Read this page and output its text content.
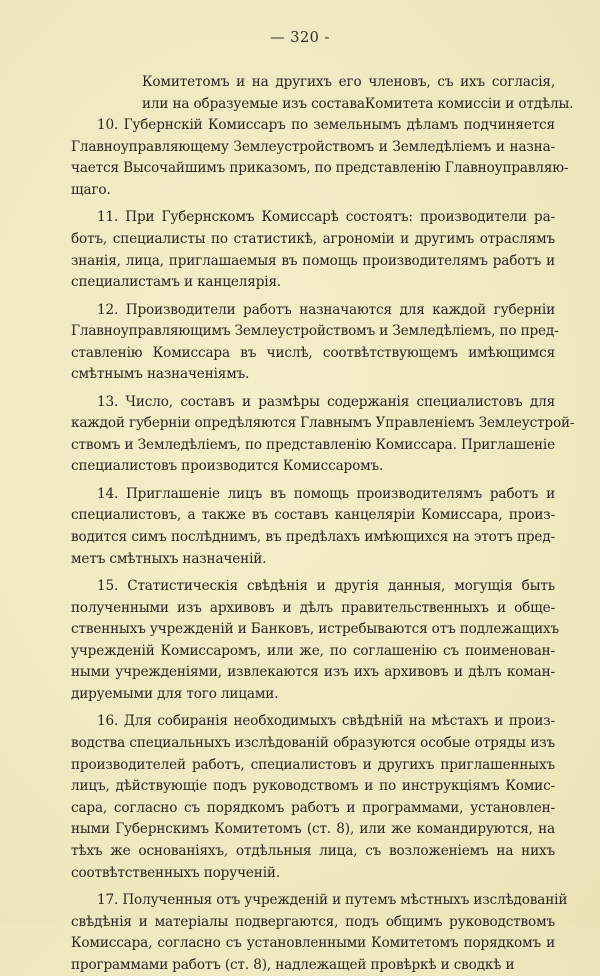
— 320 -
Комитетомъ и на другихъ его членовъ, съ ихъ согласія,
или на образуемые изъ составаКомитета комиссіи и отдѣлы.
10. Губернскій Комиссаръ по земельнымъ дѣламъ подчиняется
Главноуправляющему Землеустройствомъ и Земледѣліемъ и назна-
чается Высочайшимъ приказомъ, по представленію Главноуправляю-
щаго.
11. При Губернскомъ Комиссарѣ состоятъ: производители ра-
ботъ, специалисты по статистикѣ, агрономіи и другимъ отраслямъ
знанія, лица, приглашаемыя въ помощь производителямъ работъ и
специалистамъ и канцелярія.
12. Производители работъ назначаются для каждой губерніи
Главноуправляющимъ Землеустройствомъ и Земледѣліемъ, по пред-
ставленію Комиссара въ числѣ, соотвѣтствующемъ имѣющимся
смѣтнымъ назначеніямъ.
13. Число, составъ и размѣры содержанія специалистовъ для
каждой губерніи опредѣляются Главнымъ Управленіемъ Землеустрой-
ствомъ и Земледѣліемъ, по представленію Комиссара. Приглашеніе
специалистовъ производится Комиссаромъ.
14. Приглашеніе лицъ въ помощь производителямъ работъ и
специалистовъ, а также въ составъ канцеляріи Комиссара, произ-
водится симъ послѣднимъ, въ предѣлахъ имѣющихся на этотъ пред-
метъ смѣтныхъ назначеній.
15. Статистическія свѣдѣнія и другія данныя, могущія быть
полученными изъ архивовъ и дѣлъ правительственныхъ и обще-
ственныхъ учрежденій и Банковъ, истребываются отъ подлежащихъ
учрежденій Комиссаромъ, или же, по соглашенію съ поименован-
ными учрежденіями, извлекаются изъ ихъ архивовъ и дѣлъ коман-
дируемыми для того лицами.
16. Для собиранія необходимыхъ свѣдѣній на мѣстахъ и произ-
водства специальныхъ изслѣдованій образуются особые отряды изъ
производителей работъ, специалистовъ и другихъ приглашенныхъ
лицъ, дѣйствующіе подъ руководствомъ и по инструкціямъ Комис-
сара, согласно съ порядкомъ работъ и программами, установлен-
ными Губернскимъ Комитетомъ (ст. 8), или же командируются, на
тѣхъ же основаніяхъ, отдѣльныя лица, съ возложеніемъ на нихъ
соотвѣтственныхъ порученій.
17. Полученныя отъ учрежденій и путемъ мѣстныхъ изслѣдованій
свѣдѣнія и матеріалы подвергаются, подъ общимъ руководствомъ
Комиссара, согласно съ установленными Комитетомъ порядкомъ и
программами работъ (ст. 8), надлежащей провѣркѣ и сводкѣ и
